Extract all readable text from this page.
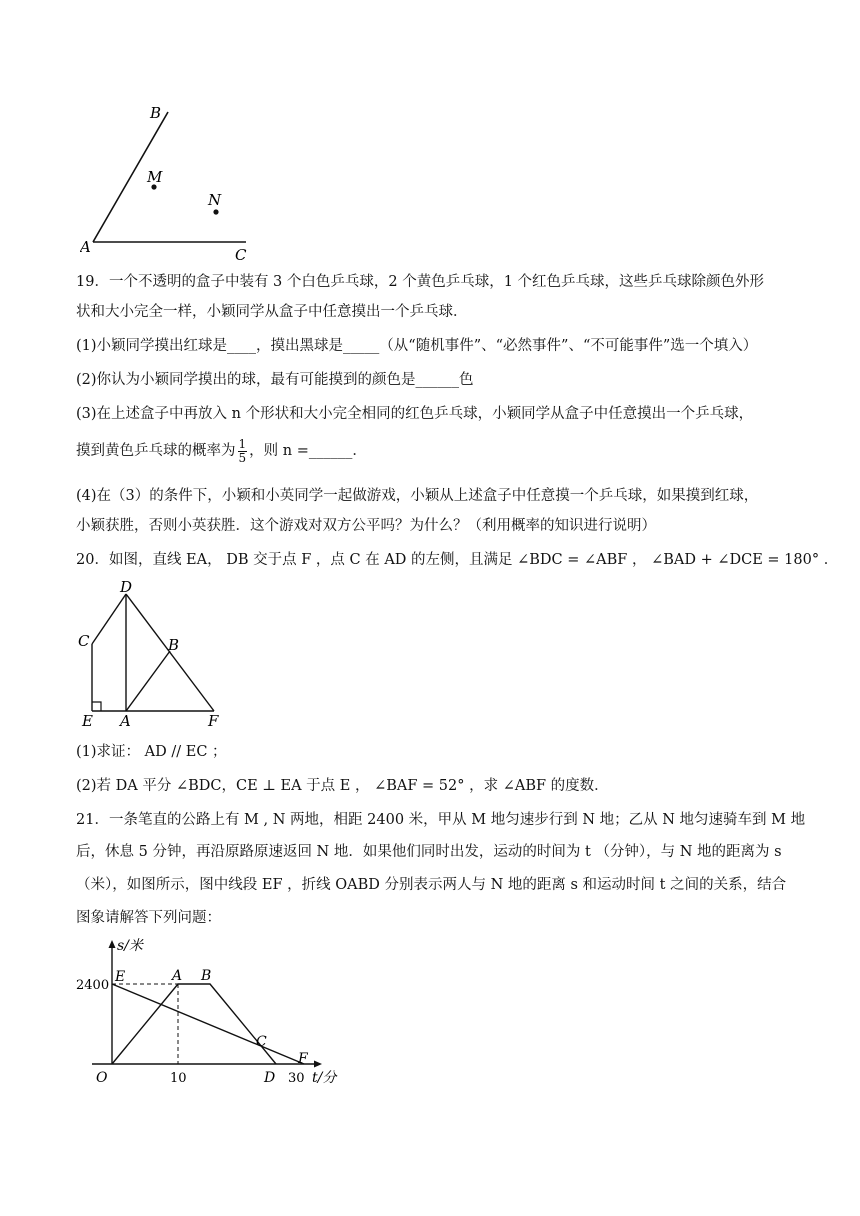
B
M
N
A	C
19．一个不透明的盒子中装有 3 个白色乒乓球，2 个黄色乒乓球，1 个红色乒乓球，这些乒乓球除颜色外形
状和大小完全一样，小颖同学从盒子中任意摸出一个乒乓球．
(1)小颖同学摸出红球是____，摸出黑球是_____（从“随机事件”、“必然事件”、“不可能事件”选一个填入）
(2)你认为小颖同学摸出的球，最有可能摸到的颜色是______色
(3)在上述盒子中再放入 n 个形状和大小完全相同的红色乒乓球，小颖同学从盒子中任意摸出一个乒乓球，
摸到黄色乒乓球的概率为 $\frac{1}{5}$ ，则 n =______．
(4)在（3）的条件下，小颖和小英同学一起做游戏，小颖从上述盒子中任意摸一个乒乓球，如果摸到红球，
小颖获胜，否则小英获胜．这个游戏对双方公平吗？为什么？（利用概率的知识进行说明）
20．如图，直线 EA， DB 交于点 F ，点 C 在 AD 的左侧，且满足 ∠BDC = ∠ABF ， ∠BAD + ∠DCE = 180° ．
D
C	B
E A	F
(1)求证： AD // EC ；
(2)若 DA 平分 ∠BDC，CE ⊥ EA 于点 E ， ∠BAF = 52° ，求 ∠ABF 的度数．
21．一条笔直的公路上有 M , N 两地，相距 2400 米，甲从 M 地匀速步行到 N 地；乙从 N 地匀速骑车到 M 地
后，休息 5 分钟，再沿原路原速返回 N 地．如果他们同时出发，运动的时间为 t （分钟），与 N 地的距离为 s
（米），如图所示，图中线段 EF ，折线 OABD 分别表示两人与 N 地的距离 s 和运动时间 t 之间的关系，结合
图象请解答下列问题：
s/米
2400
E	A B
C
F
O	10	D 30 t/分
